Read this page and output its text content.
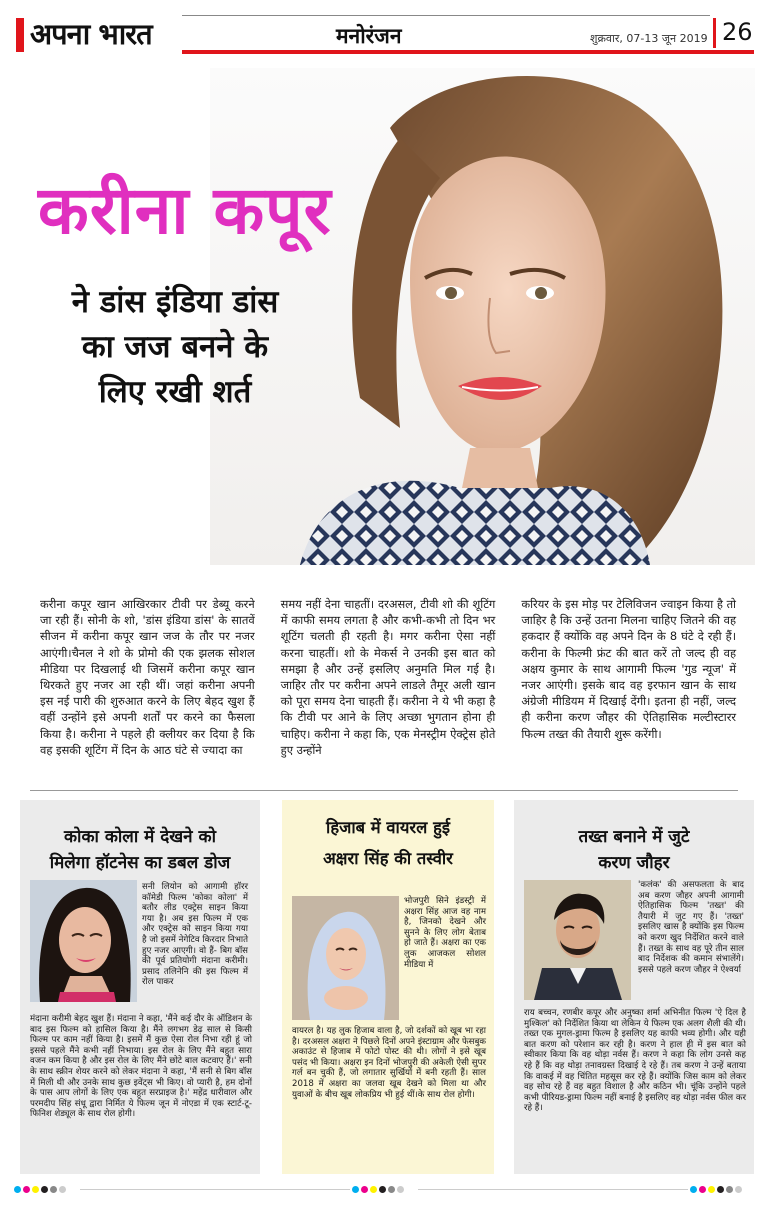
अपना भारत	मनोरंजन	शुक्रवार, 07-13 जून 2019 26
करीना कपूर
ने डांस इंडिया डांस
का जज बनने के
लिए रखी शर्त
करीना कपूर खान आखिरकार टीवी पर डेब्यू करने जा रही हैं। सोनी के शो, 'डांस इंडिया डांस' के सातवें सीजन में करीना कपूर खान जज के तौर पर नजर आएंगी।चैनल ने शो के प्रोमो की एक झलक सोशल मीडिया पर दिखलाई थी जिसमें करीना कपूर खान थिरकते हुए नजर आ रही थीं। जहां करीना अपनी इस नई पारी की शुरुआत करने के लिए बेहद खुश हैं वहीं उन्होंने इसे अपनी शर्तों पर करने का फैसला किया है। करीना ने पहले ही क्लीयर कर दिया है कि वह इसकी शूटिंग में दिन के आठ घंटे से ज्यादा का
समय नहीं देना चाहतीं। दरअसल, टीवी शो की शूटिंग में काफी समय लगता है और कभी-कभी तो दिन भर शूटिंग चलती ही रहती है। मगर करीना ऐसा नहीं करना चाहतीं। शो के मेकर्स ने उनकी इस बात को समझा है और उन्हें इसलिए अनुमति मिल गई है। जाहिर तौर पर करीना अपने लाडले तैमूर अली खान को पूरा समय देना चाहती हैं। करीना ने ये भी कहा है कि टीवी पर आने के लिए अच्छा भुगतान होना ही चाहिए। करीना ने कहा कि, एक मेनस्ट्रीम ऐक्ट्रेस होते हुए उन्होंने
करियर के इस मोड़ पर टेलिविजन ज्वाइन किया है तो जाहिर है कि उन्हें उतना मिलना चाहिए जितने की वह हकदार हैं क्योंकि वह अपने दिन के 8 घंटे दे रही हैं। करीना के फिल्मी फ्रंट की बात करें तो जल्द ही वह अक्षय कुमार के साथ आगामी फिल्म 'गुड न्यूज' में नजर आएंगी। इसके बाद वह इरफान खान के साथ अंग्रेजी मीडियम में दिखाई देंगी। इतना ही नहीं, जल्द ही करीना करण जौहर की ऐतिहासिक मल्टीस्टारर फिल्म तख्त की तैयारी शुरू करेंगी।
कोका कोला में देखने को
मिलेगा हॉटनेस का डबल डोज
सनी लियोन को आगामी हॉरर कॉमेडी फिल्म 'कोका कोला' में बतौर लीड एक्ट्रेस साइन किया गया है। अब इस फिल्म में एक और एक्ट्रेस को साइन किया गया है जो इसमें नेगेटिव किरदार निभाते हुए नजर आएगी। वो हैं- बिग बॉस की पूर्व प्रतियोगी मंदाना करीमी। प्रसाद तलिनेनि की इस फिल्म में रोल पाकर
मंदाना करीमी बेहद खुश हैं। मंदाना ने कहा, 'मैंने कई दौर के ऑडिशन के बाद इस फिल्म को हासिल किया है। मैंने लगभग डेढ़ साल से किसी फिल्म पर काम नहीं किया है। इसमें मैं कुछ ऐसा रोल निभा रही हूं जो इससे पहले मैंने कभी नहीं निभाया। इस रोल के लिए मैंने बहुत सारा वजन कम किया है और इस रोल के लिए मैंने छोटे बाल कटवाए हैं।' सनी के साथ स्क्रीन शेयर करने को लेकर मंदाना ने कहा, 'मैं सनी से बिग बॉस में मिली थी और उनके साथ कुछ इवेंट्स भी किए। वो प्यारी है, हम दोनों के पास आप लोगों के लिए एक बहुत सरप्राइज है।' महेंद्र धारीवाल और परमदीप सिंह संधू द्वारा निर्मित ये फिल्म जून में नोएडा में एक स्टार्ट-टू-फिनिश शेड्यूल के साथ रोल होगी।
हिजाब में वायरल हुई
अक्षरा सिंह की तस्वीर
भोजपुरी सिने इंडस्ट्री में अक्षरा सिंह आज वह नाम है, जिनको देखने और सुनने के लिए लोग बेताब हो जाते हैं। अक्षरा का एक लुक आजकल सोशल मीडिया में
वायरल है। यह लुक हिजाब वाला है, जो दर्शकों को खूब भा रहा है। दरअसल अक्षरा ने पिछले दिनों अपने इंस्टाग्राम और फेसबुक अकाउंट से हिजाब में फोटो पोस्ट की थी। लोगों ने इसे खूब पसंद भी किया। अक्षरा इन दिनों भोजपुरी की अकेली ऐसी सुपर गर्ल बन चुकी हैं, जो लगातार सुर्खियों में बनी रहती हैं। साल 2018 में अक्षरा का जलवा खूब देखने को मिला था और युवाओं के बीच खूब लोकप्रिय भी हुई थीं।के साथ रोल होगी।
तख्त बनाने में जुटे
करण जौहर
'कलंक' की असफलता के बाद अब करण जौहर अपनी आगामी ऐतिहासिक फिल्म 'तख्त' की तैयारी में जुट गए हैं। 'तख्त' इसलिए खास है क्योंकि इस फिल्म को करण खुद निर्देशित करने वाले हैं। तख्त के साथ वह पूरे तीन साल बाद निर्देशक की कमान संभालेंगे। इससे पहले करण जौहर ने ऐश्वर्या
राय बच्चन, रणबीर कपूर और अनुष्का शर्मा अभिनीत फिल्म 'ऐ दिल है मुश्किल' को निर्देशित किया था लेकिन ये फिल्म एक अलग शैली की थी। तख्त एक मुगल-ड्रामा फिल्म है इसलिए यह काफी भव्य होगी। और यही बात करण को परेशान कर रही है। करण ने हाल ही में इस बात को स्वीकार किया कि वह थोड़ा नर्वस हैं। करण ने कहा कि लोग उनसे कह रहे हैं कि वह थोड़ा तनावग्रस्त दिखाई दे रहे हैं। तब करण ने उन्हें बताया कि वाकई में वह चिंतित महसूस कर रहे हैं। क्योंकि जिस काम को लेकर वह सोच रहे हैं वह बहुत विशाल है और कठिन भी। चूंकि उन्होंने पहले कभी पीरियड-ड्रामा फिल्म नहीं बनाई है इसलिए वह थोड़ा नर्वस फील कर रहे हैं।
